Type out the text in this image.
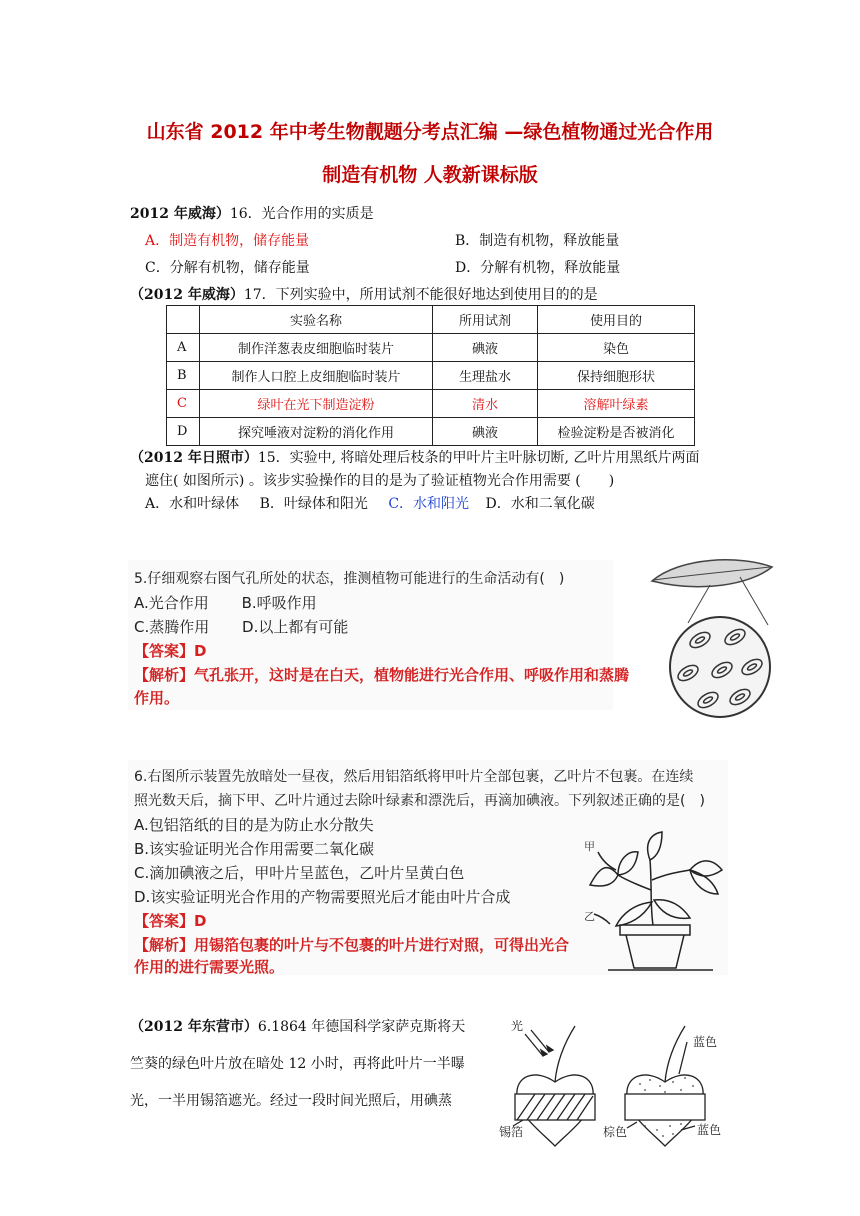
山东省 2012 年中考生物靓题分考点汇编 —绿色植物通过光合作用
制造有机物 人教新课标版
2012 年威海）16．光合作用的实质是
A．制造有机物，储存能量	B．制造有机物，释放能量
C．分解有机物，储存能量	D．分解有机物，释放能量
（2012 年威海）17．下列实验中，所用试剂不能很好地达到使用目的的是
	实验名称	所用试剂	使用目的
A	制作洋葱表皮细胞临时装片	碘液	染色
B	制作人口腔上皮细胞临时装片	生理盐水	保持细胞形状
C	绿叶在光下制造淀粉	清水	溶解叶绿素
D	探究唾液对淀粉的消化作用	碘液	检验淀粉是否被消化
（2012 年日照市）15．实验中, 将暗处理后枝条的甲叶片主叶脉切断, 乙叶片用黑纸片两面
遮住( 如图所示) 。该步实验操作的目的是为了验证植物光合作用需要 (　　)
A．水和叶绿体 B．叶绿体和阳光 C．水和阳光 D．水和二氧化碳
5.仔细观察右图气孔所处的状态，推测植物可能进行的生命活动有(　)
A.光合作用 B.呼吸作用
C.蒸腾作用 D.以上都有可能
【答案】D
【解析】气孔张开，这时是在白天，植物能进行光合作用、呼吸作用和蒸腾
作用。
6.右图所示装置先放暗处一昼夜，然后用铝箔纸将甲叶片全部包裹，乙叶片不包裹。在连续
照光数天后，摘下甲、乙叶片通过去除叶绿素和漂洗后，再滴加碘液。下列叙述正确的是(　)
A.包铝箔纸的目的是为防止水分散失
B.该实验证明光合作用需要二氧化碳
C.滴加碘液之后，甲叶片呈蓝色，乙叶片呈黄白色
D.该实验证明光合作用的产物需要照光后才能由叶片合成
【答案】D
【解析】用锡箔包裹的叶片与不包裹的叶片进行对照，可得出光合
作用的进行需要光照。
甲
乙
（2012 年东营市）6.1864 年德国科学家萨克斯将天
竺葵的绿色叶片放在暗处 12 小时，再将此叶片一半曝
光，一半用锡箔遮光。经过一段时间光照后，用碘蒸
光
锡箔	棕色
蓝色
蓝色
